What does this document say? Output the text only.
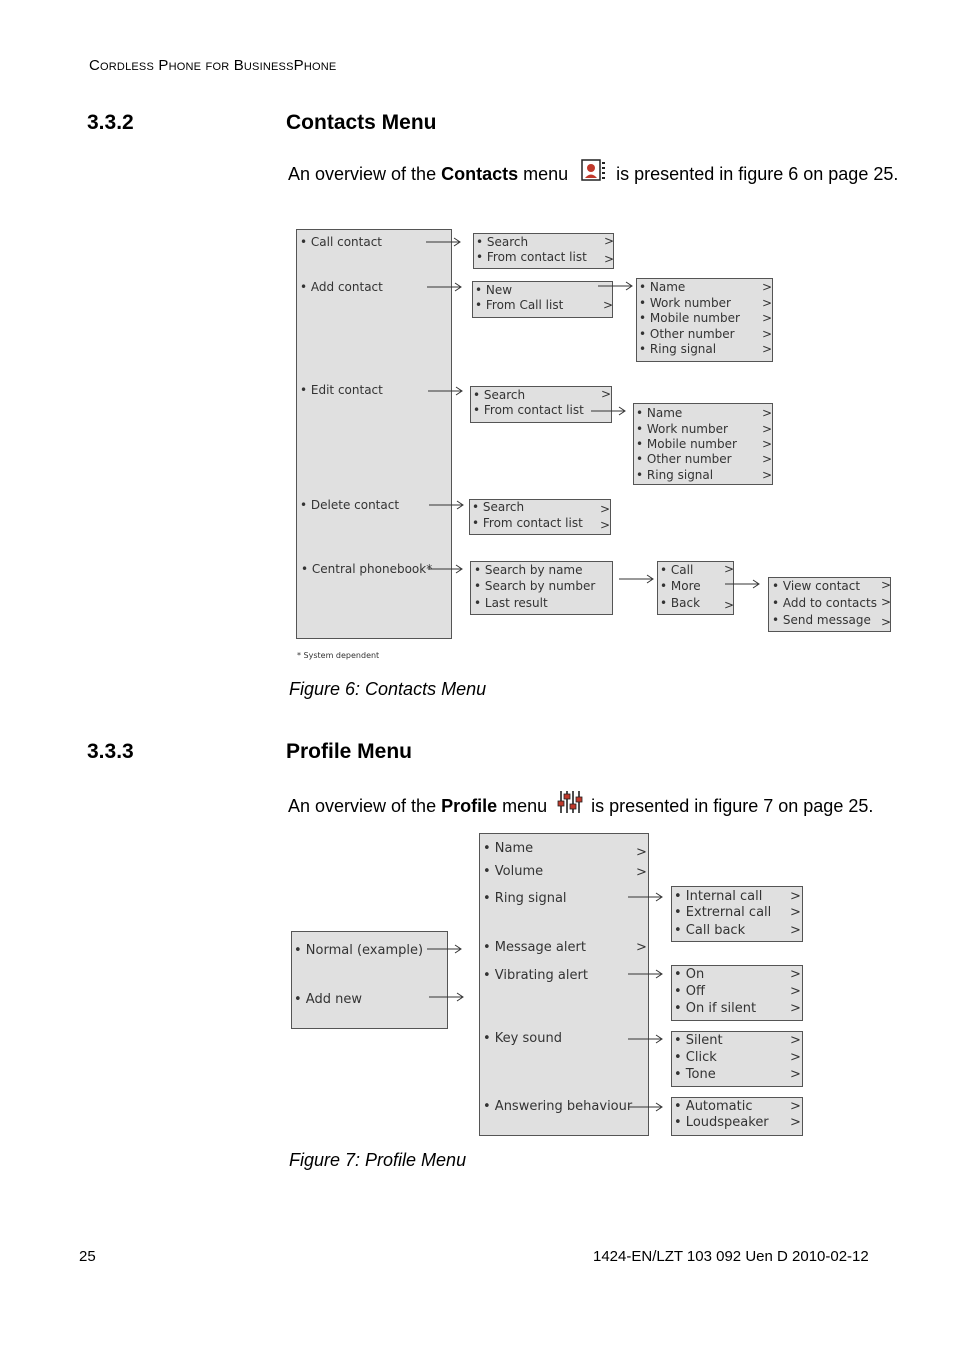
Cordless Phone for BusinessPhone
3.3.2	Contacts Menu
An overview of the Contacts menu  is presented in figure 6 on page 25.
• Call contact
• Add contact
• Edit contact
• Delete contact
• Central phonebook*
• Search
• From contact list
>
>
• New
• From Call list	>
• Name
• Work number
• Mobile number
• Other number
• Ring signal
>
>
>
>
>
• Search
• From contact list
>
• Name
• Work number
• Mobile number
• Other number
• Ring signal
>
>
>
>
>
• Search
• From contact list
>
>
• Search by name
• Search by number
• Last result
• Call
• More
• Back
>
>
• View contact
• Add to contacts
• Send message
>
>
>
* System dependent
Figure 6: Contacts Menu
3.3.3	Profile Menu
An overview of the Profile menu  is presented in figure 7 on page 25.
• Normal (example)
• Add new
• Name
• Volume
• Ring signal
• Message alert
• Vibrating alert
• Key sound
• Answering behaviour
>
>
>
• Internal call
• Extrernal call
• Call back
>
>
>
• On
• Off
• On if silent
>
>
>
• Silent
• Click
• Tone
>
>
>
• Automatic
• Loudspeaker
>
>
Figure 7: Profile Menu
25	1424-EN/LZT 103 092 Uen D 2010-02-12
